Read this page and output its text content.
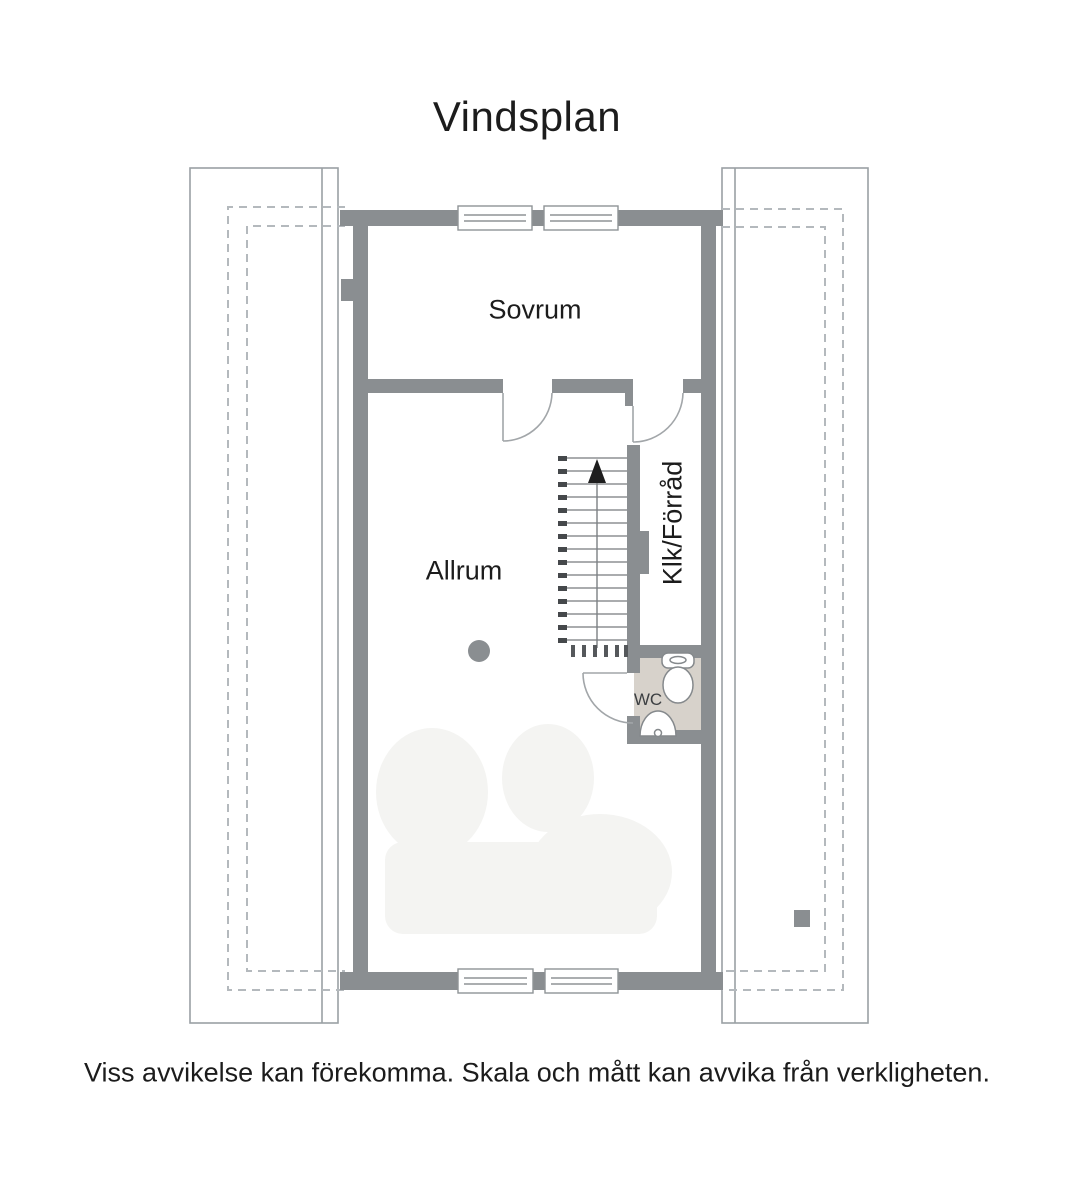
Vindsplan
Sovrum
Allrum	Klk/Förråd
WC
Viss avvikelse kan förekomma. Skala och mått kan avvika från verkligheten.
